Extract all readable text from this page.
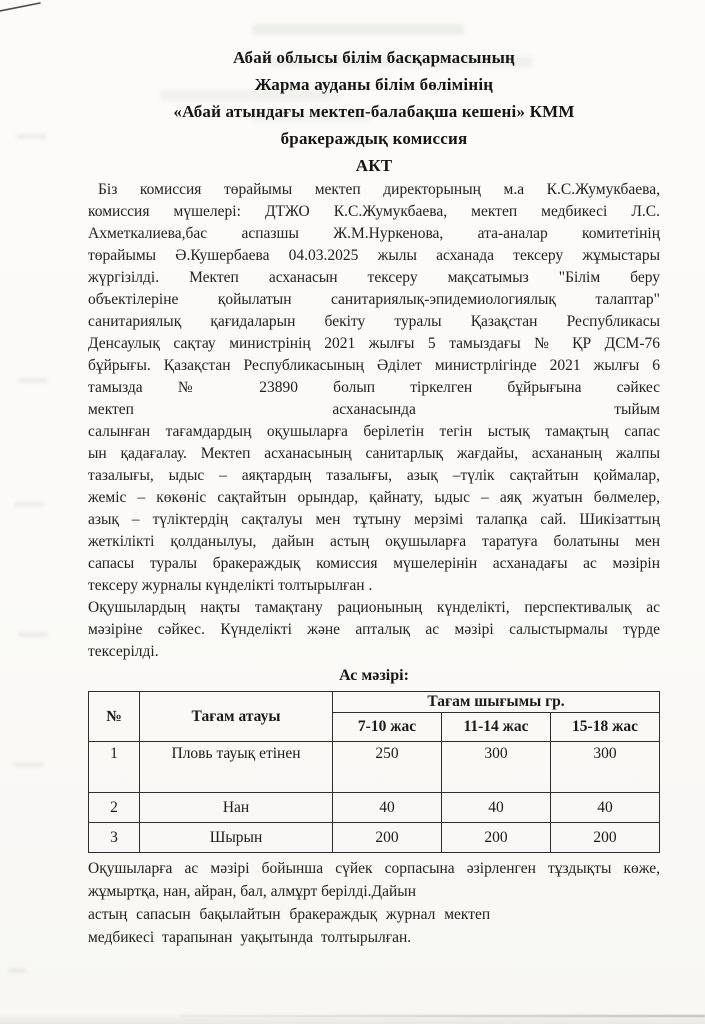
Абай облысы білім басқармасының
Жарма ауданы білім бөлімінің
«Абай атындағы мектеп-балабақша кешені» КММ
бракераждық комиссия
АКТ
Біз комиссия төрайымы мектеп директорының м.а К.С.Жумукбаева,
комиссия мүшелері: ДТЖО К.С.Жумукбаева, мектеп медбикесі Л.С.
Ахметкалиева,бас аспазшы Ж.М.Нуркенова, ата-аналар комитетінің
төрайымы Ә.Кушербаева 04.03.2025 жылы асханада тексеру жұмыстары
жүргізілді. Мектеп асханасын тексеру мақсатымыз "Білім беру
объектілеріне қойылатын санитариялық-эпидемиологиялық талаптар"
санитариялық қағидаларын бекіту туралы Қазақстан Республикасы
Денсаулық сақтау министрінің 2021 жылғы 5 тамыздағы № ҚР ДСМ-76
бұйрығы. Қазақстан Республикасының Әділет министрлігінде 2021 жылғы 6
тамызда № 23890 болып тіркелген бұйрығына сәйкес
мектеп асханасында тыйым
салынған тағамдардың оқушыларға берілетін тегін ыстық тамақтың сапас
ын қадағалау. Мектеп асханасының санитарлық жағдайы, асхананың жалпы
тазалығы, ыдыс – аяқтардың тазалығы, азық –түлік сақтайтын қоймалар,
жеміс – көкөніс сақтайтын орындар, қайнату, ыдыс – аяқ жуатын бөлмелер,
азық – түліктердің сақталуы мен тұтыну мерзімі талапқа сай. Шикізаттың
жеткілікті қолданылуы, дайын астың оқушыларға таратуға болатыны мен
сапасы туралы бракераждық комиссия мүшелерінін асханадағы ас мәзірін
тексеру журналы күнделікті толтырылған .
Оқушылардың нақты тамақтану рационының күнделікті, перспективалық ас
мәзіріне сәйкес. Күнделікті және апталық ас мәзірі салыстырмалы түрде
тексерілді.
Ас мәзірі:
№	Тағам атауы	Тағам шығымы гр.		
		7-10 жас	11-14 жас	15-18 жас
1	Пловь тауық етінен	250	300	300
2	Нан	40	40	40
3	Шырын	200	200	200
Оқушыларға ас мәзірі бойынша сүйек сорпасына әзірленген тұздықты көже,
жұмыртқа, нан, айран, бал, алмұрт берілді.Дайын
астың сапасын бақылайтын бракераждық журнал мектеп
медбикесі тарапынан уақытында толтырылған.
